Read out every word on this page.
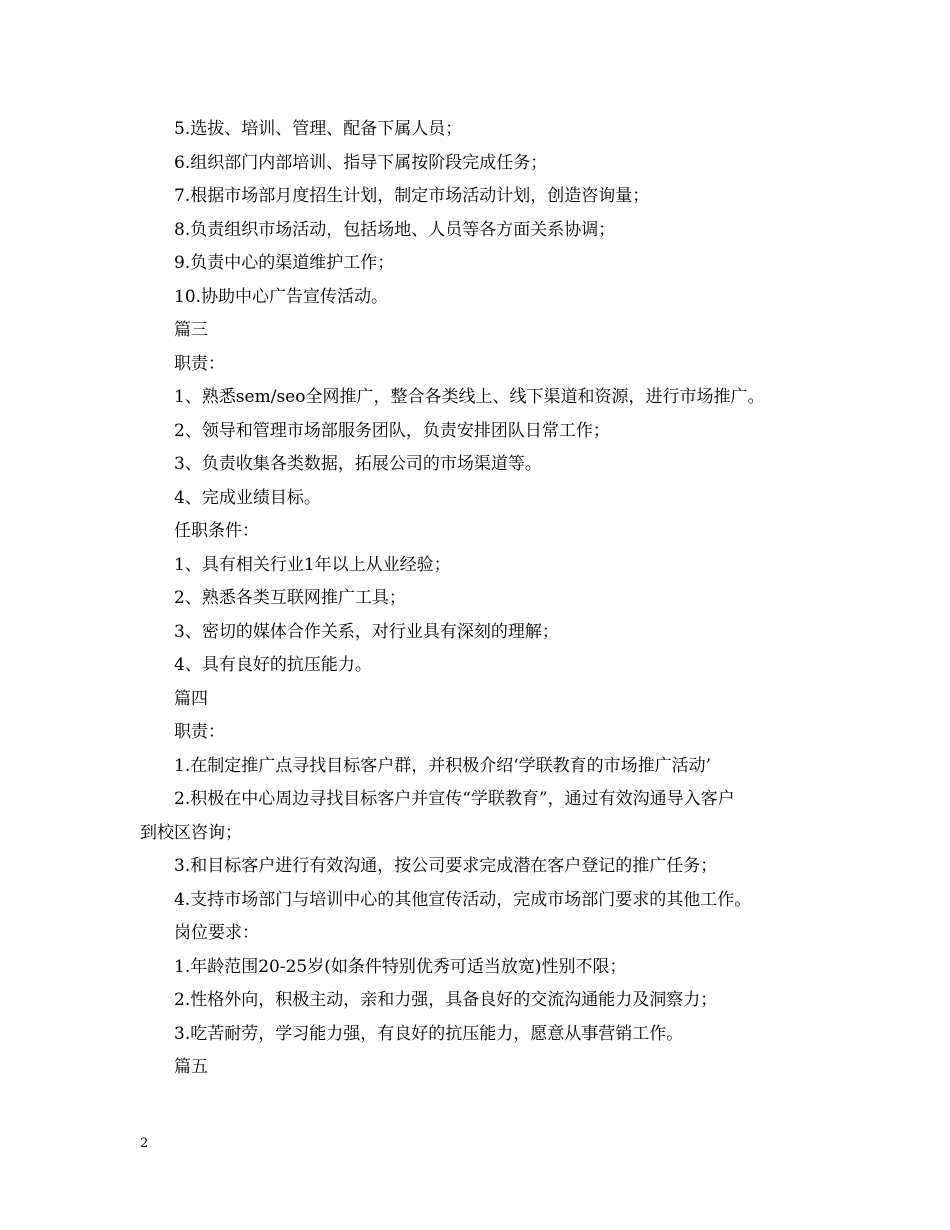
5.选拔、培训、管理、配备下属人员；
6.组织部门内部培训、指导下属按阶段完成任务；
7.根据市场部月度招生计划，制定市场活动计划，创造咨询量；
8.负责组织市场活动，包括场地、人员等各方面关系协调；
9.负责中心的渠道维护工作；
10.协助中心广告宣传活动。
篇三
职责：
1、熟悉sem/seo全网推广，整合各类线上、线下渠道和资源，进行市场推广。
2、领导和管理市场部服务团队，负责安排团队日常工作；
3、负责收集各类数据，拓展公司的市场渠道等。
4、完成业绩目标。
任职条件：
1、具有相关行业1年以上从业经验；
2、熟悉各类互联网推广工具；
3、密切的媒体合作关系，对行业具有深刻的理解；
4、具有良好的抗压能力。
篇四
职责：
1.在制定推广点寻找目标客户群，并积极介绍‘学联教育的市场推广活动’
2.积极在中心周边寻找目标客户并宣传“学联教育”，通过有效沟通导入客户
到校区咨询；
3.和目标客户进行有效沟通，按公司要求完成潜在客户登记的推广任务；
4.支持市场部门与培训中心的其他宣传活动，完成市场部门要求的其他工作。
岗位要求：
1.年龄范围20-25岁(如条件特别优秀可适当放宽)性别不限；
2.性格外向，积极主动，亲和力强，具备良好的交流沟通能力及洞察力；
3.吃苦耐劳，学习能力强，有良好的抗压能力，愿意从事营销工作。
篇五
2
